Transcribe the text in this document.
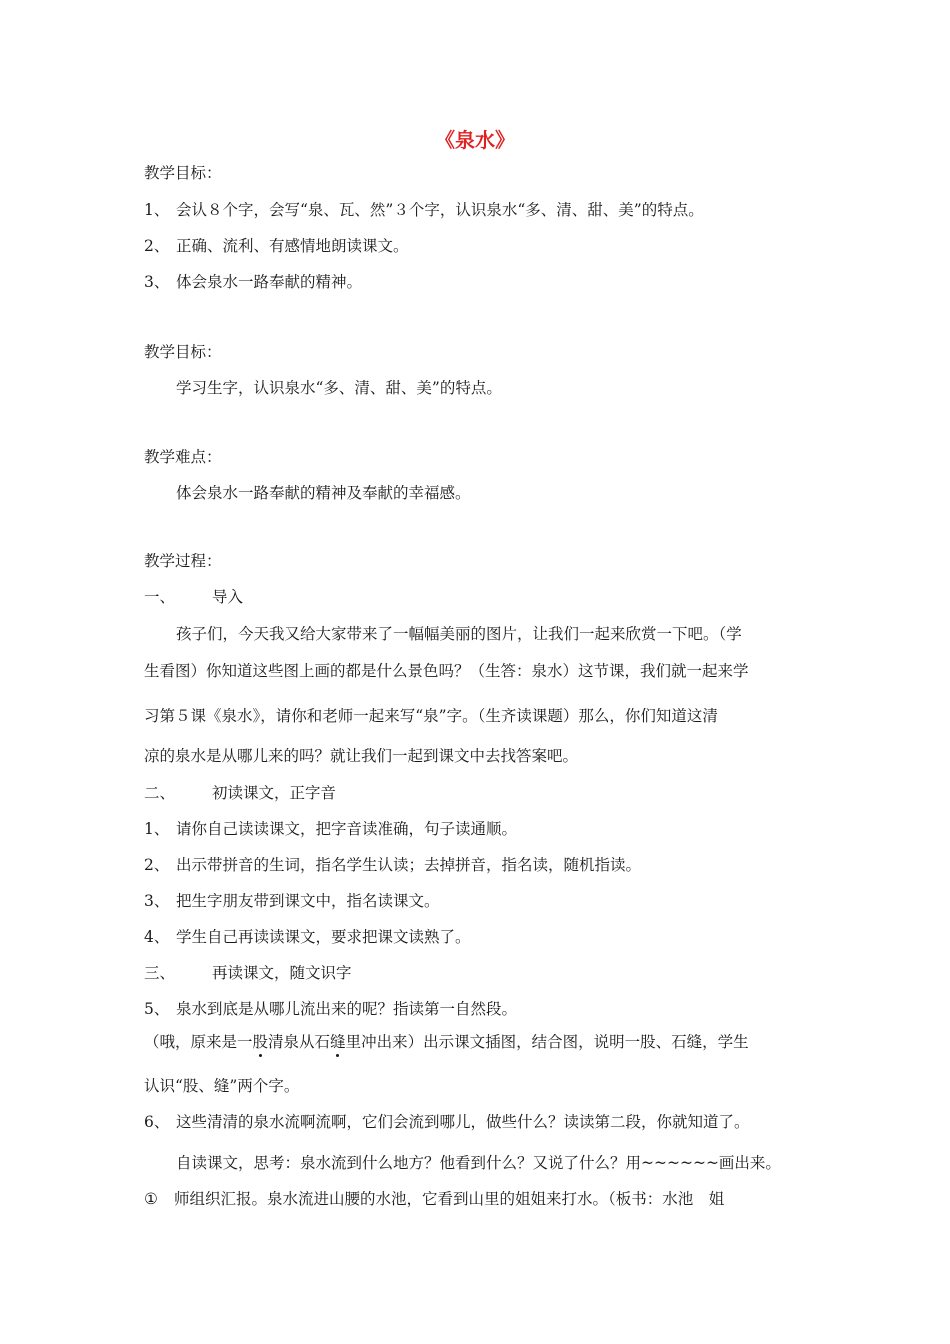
《泉水》
教学目标：
1、 会认８个字，会写“泉、瓦、然”３个字，认识泉水“多、清、甜、美”的特点。
2、 正确、流利、有感情地朗读课文。
3、 体会泉水一路奉献的精神。
教学目标：
学习生字，认识泉水“多、清、甜、美”的特点。
教学难点：
体会泉水一路奉献的精神及奉献的幸福感。
教学过程：
一、 导入
孩子们，今天我又给大家带来了一幅幅美丽的图片，让我们一起来欣赏一下吧。（学
生看图）你知道这些图上画的都是什么景色吗？（生答：泉水）这节课，我们就一起来学
习第５课《泉水》，请你和老师一起来写“泉”字。（生齐读课题）那么，你们知道这清
凉的泉水是从哪儿来的吗？就让我们一起到课文中去找答案吧。
二、 初读课文，正字音
1、 请你自己读读课文，把字音读准确，句子读通顺。
2、 出示带拼音的生词，指名学生认读；去掉拼音，指名读，随机指读。
3、 把生字朋友带到课文中，指名读课文。
4、 学生自己再读读课文，要求把课文读熟了。
三、 再读课文，随文识字
5、 泉水到底是从哪儿流出来的呢？指读第一自然段。
（哦，原来是一股清泉从石缝里冲出来）出示课文插图，结合图，说明一股、石缝，学生
认识“股、缝”两个字。
6、 这些清清的泉水流啊流啊，它们会流到哪儿，做些什么？读读第二段，你就知道了。
自读课文，思考：泉水流到什么地方？他看到什么？又说了什么？用~~~~~~画出来。
① 师组织汇报。泉水流进山腰的水池，它看到山里的姐姐来打水。（板书：水池　姐
